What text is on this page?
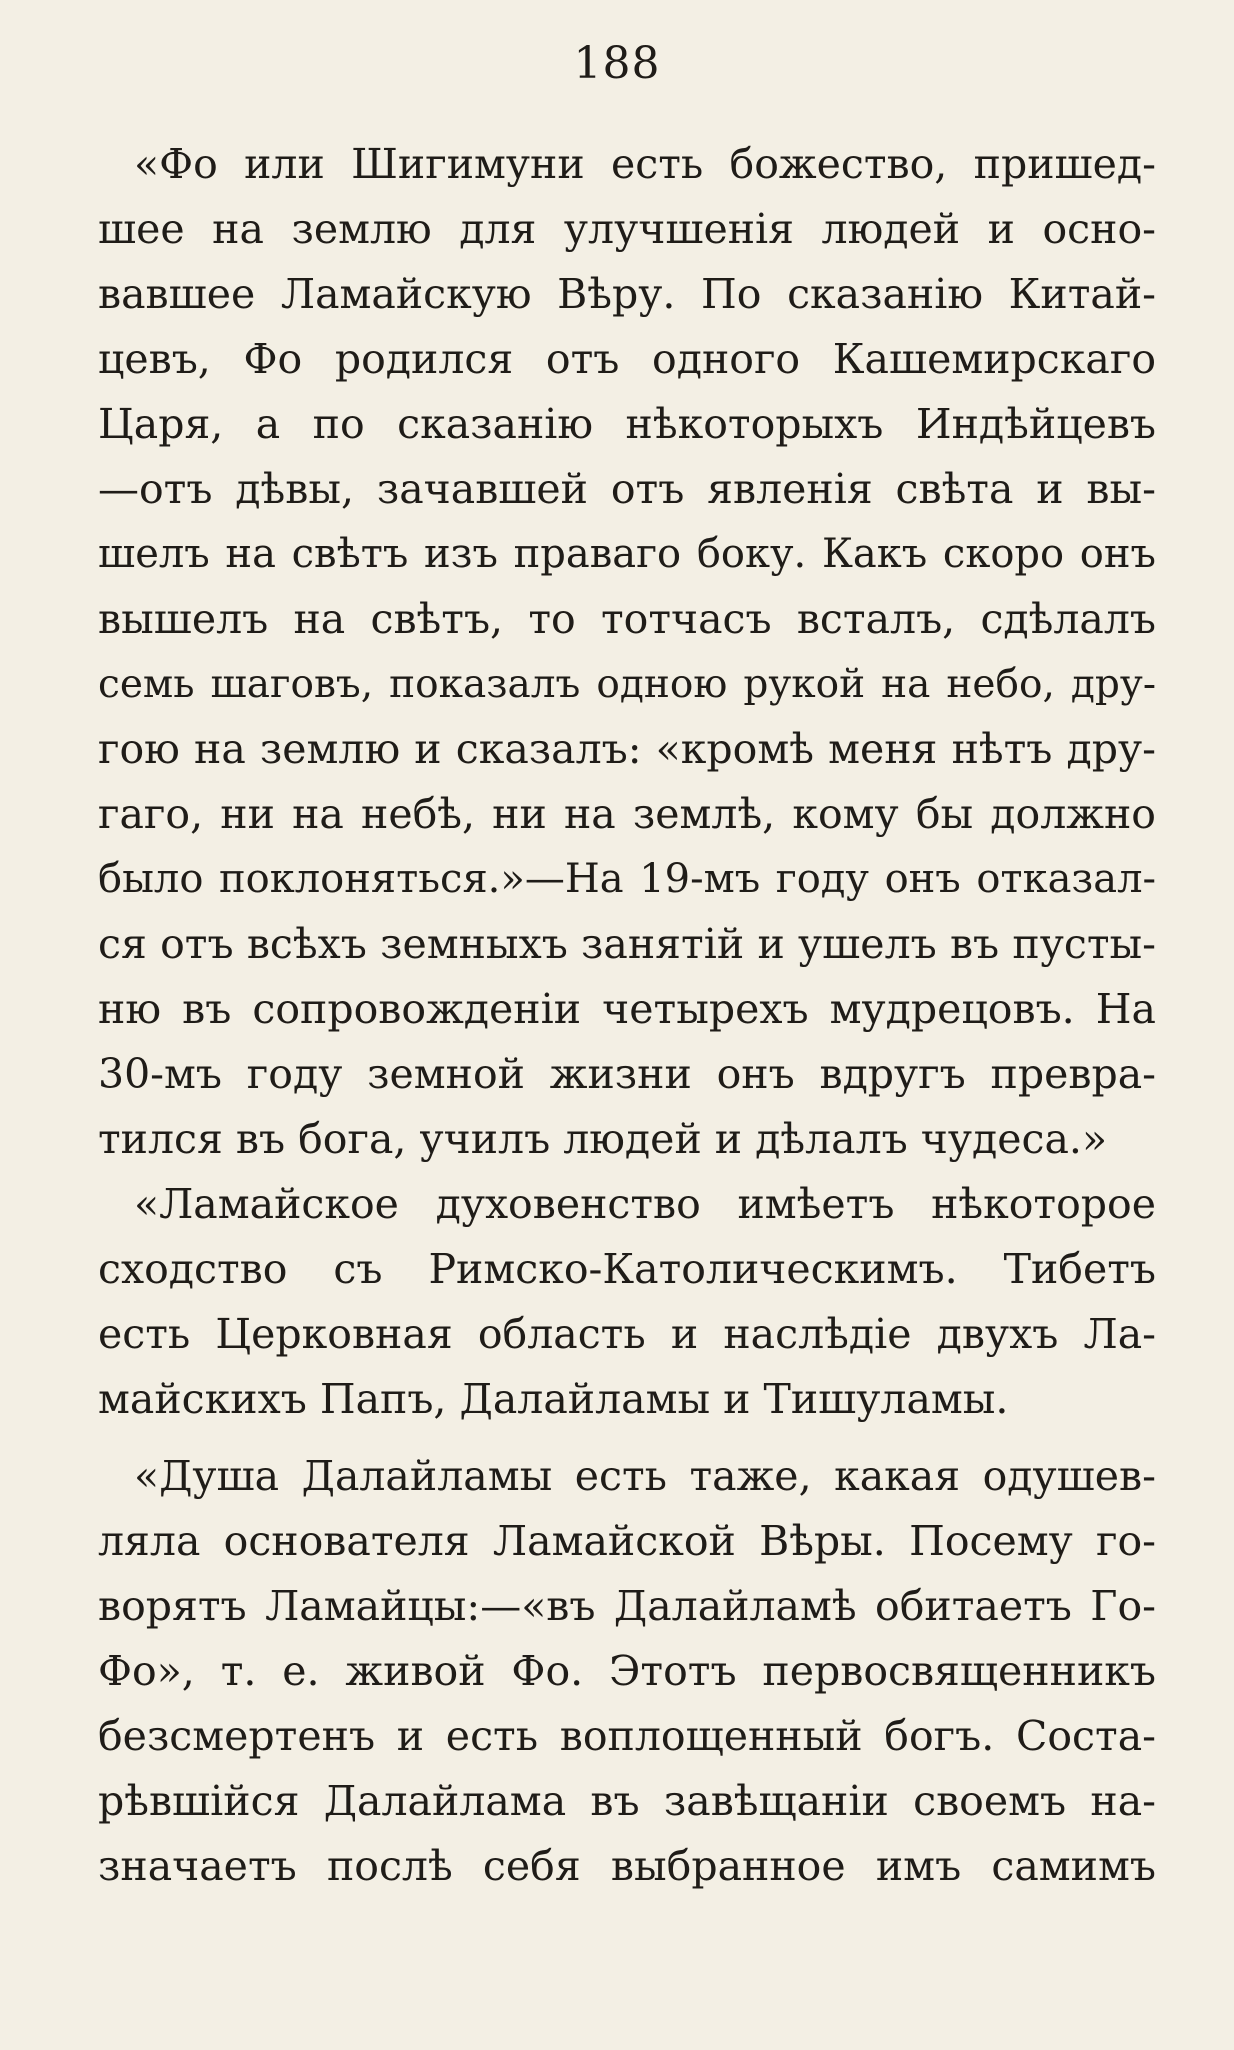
188
«Фо или Шигимуни есть божество, пришед-
шее на землю для улучшенія людей и осно-
вавшее Ламайскую Вѣру. По сказанію Китай-
цевъ, Фо родился отъ одного Кашемирскаго
Царя, а по сказанію нѣкоторыхъ Индѣйцевъ
—отъ дѣвы, зачавшей отъ явленія свѣта и вы-
шелъ на свѣтъ изъ праваго боку. Какъ скоро онъ
вышелъ на свѣтъ, то тотчасъ всталъ, сдѣлалъ
семь шаговъ, показалъ одною рукой на небо, дру-
гою на землю и сказалъ: «кромѣ меня нѣтъ дру-
гаго, ни на небѣ, ни на землѣ, кому бы должно
было поклоняться.»—На 19-мъ году онъ отказал-
ся отъ всѣхъ земныхъ занятій и ушелъ въ пусты-
ню въ сопровожденіи четырехъ мудрецовъ. На
30-мъ году земной жизни онъ вдругъ превра-
тился въ бога, училъ людей и дѣлалъ чудеса.»
«Ламайское духовенство имѣетъ нѣкоторое
сходство съ Римско-Католическимъ. Тибетъ
есть Церковная область и наслѣдіе двухъ Ла-
майскихъ Папъ, Далайламы и Тишуламы.
«Душа Далайламы есть таже, какая одушев-
ляла основателя Ламайской Вѣры. Посему го-
ворятъ Ламайцы:—«въ Далайламѣ обитаетъ Го-
Фо», т. е. живой Фо. Этотъ первосвященникъ
безсмертенъ и есть воплощенный богъ. Соста-
рѣвшійся Далайлама въ завѣщаніи своемъ на-
значаетъ послѣ себя выбранное имъ самимъ
